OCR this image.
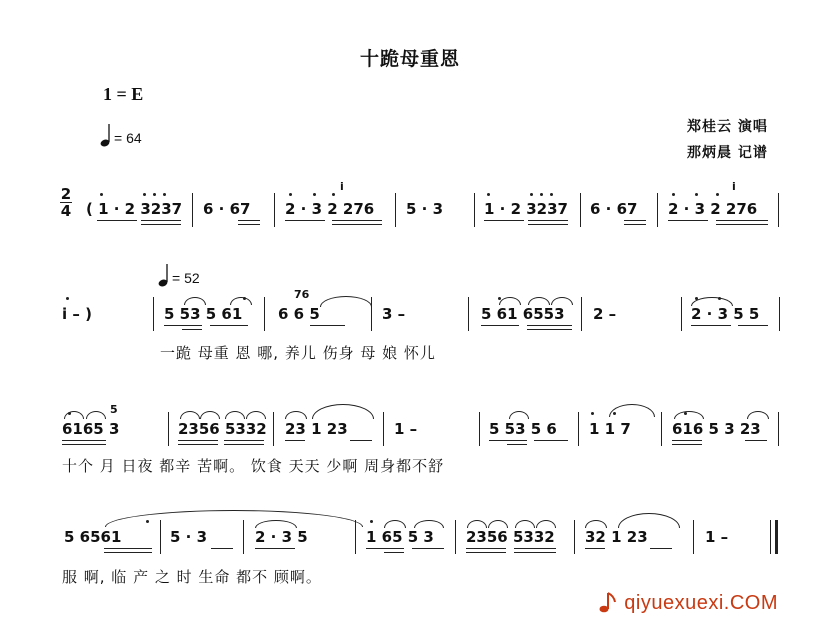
十跪母重恩
1 = E
= 64
郑桂云 演唱
那炳晨 记谱
2
4 ( 1 · 2 3237 6 · 67 2 · 3 2 276 5 · 3	1 · 2 3237 6 · 67 2 · 3 2 276
i	i
= 52
i – )	5 53 5 61 6 6 5	3 –	5 61 6553 2 –	2 · 3 5 5
76
一跪 母重 恩 哪, 养儿 伤身 母 娘 怀儿
6165 3	2356 5332 23 1 23	1 –	5 53 5 6 1 1 7	616 5 3 23
5
十个 月 日夜 都辛 苦啊。 饮食 天天 少啊 周身都不舒
5 6561	5 · 3	2 · 3 5	1 65 5 3 2356 5332 32 1 23	1 –
服 啊, 临 产 之 时 生命 都不 顾啊。
qiyuexuexi.COM
